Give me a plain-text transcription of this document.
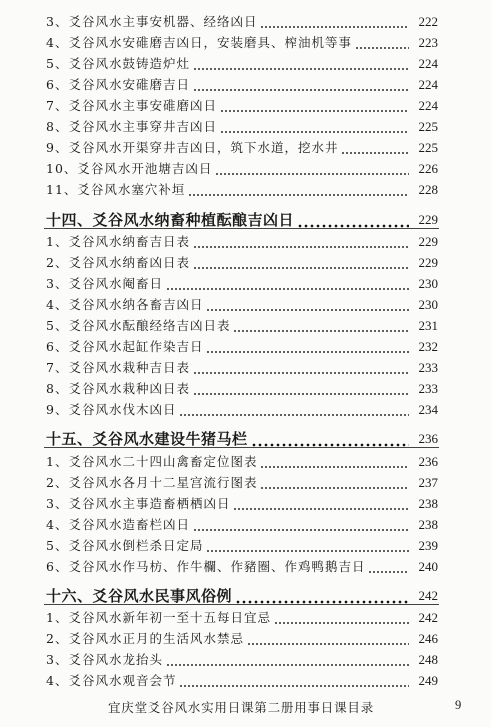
3、爻谷风水主事安机器、经络凶日	222
4、爻谷风水安碓磨吉凶日，安装磨具、榨油机等事	223
5、爻谷风水鼓铸造炉灶	224
6、爻谷风水安碓磨吉日	224
7、爻谷风水主事安碓磨凶日	224
8、爻谷风水主事穿井吉凶日	225
9、爻谷风水开渠穿井吉凶日，筑下水道，挖水井	225
10、爻谷风水开池塘吉凶日	226
11、爻谷风水塞穴补垣	228
十四、爻谷风水纳畜种植酝酿吉凶日	229
1、爻谷风水纳畜吉日表	229
2、爻谷风水纳畜凶日表	229
3、爻谷风水阉畜日	230
4、爻谷风水纳各畜吉凶日	230
5、爻谷风水酝酿经络吉凶日表	231
6、爻谷风水起缸作染吉日	232
7、爻谷风水栽种吉日表	233
8、爻谷风水栽种凶日表	233
9、爻谷风水伐木凶日	234
十五、爻谷风水建设牛猪马栏	236
1、爻谷风水二十四山禽畜定位图表	236
2、爻谷风水各月十二星宫流行图表	237
3、爻谷风水主事造畜栖栖凶日	238
4、爻谷风水造畜栏凶日	238
5、爻谷风水倒栏杀日定局	239
6、爻谷风水作马枋、作牛欄、作豬圈、作鸡鸭鹅吉日	240
十六、爻谷风水民事风俗例	242
1、爻谷风水新年初一至十五每日宜忌	242
2、爻谷风水正月的生活风水禁忌	246
3、爻谷风水龙抬头	248
4、爻谷风水观音会节	249
宜庆堂爻谷风水实用日课第二册用事日课目录	9
